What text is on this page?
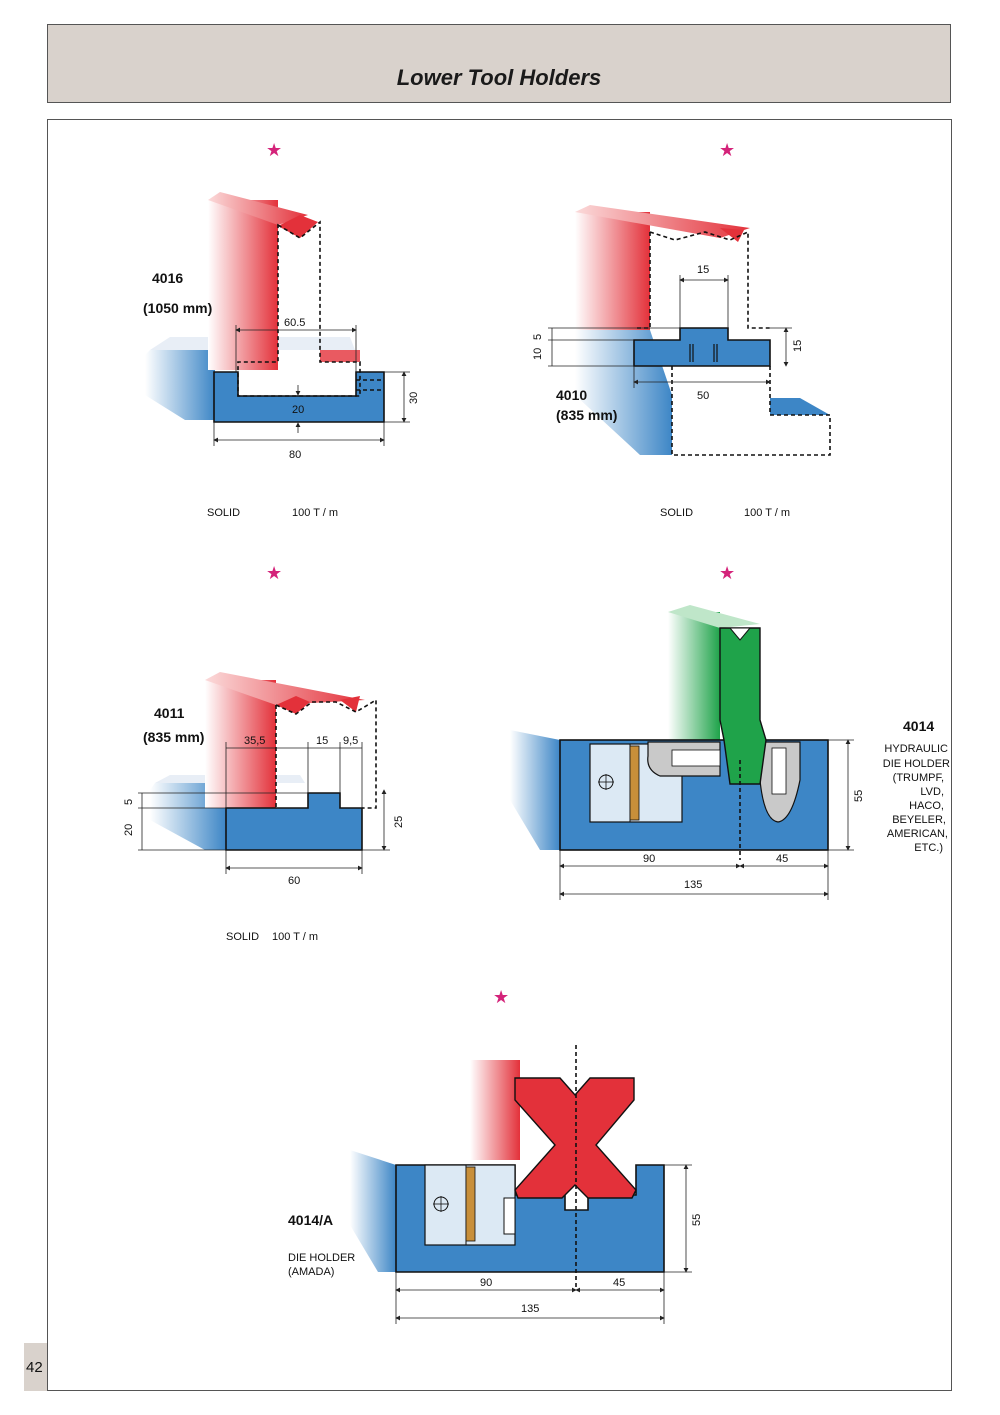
Lower Tool Holders
42
★
4016
(1050 mm)
60.5
20
30
80
SOLID	100 T / m
★
4010
(835 mm)
15
5
10
15
50
SOLID	100 T / m
★
4011
(835 mm)	35,5	15 9,5
5
20
25
60
SOLID 100 T / m
★
4014
HYDRAULIC
DIE HOLDER
(TRUMPF,
LVD,
HACO,
BEYELER,
AMERICAN,
ETC.)
55
90	45
135
★
4014/A
DIE HOLDER
(AMADA)
55
90	45
135
